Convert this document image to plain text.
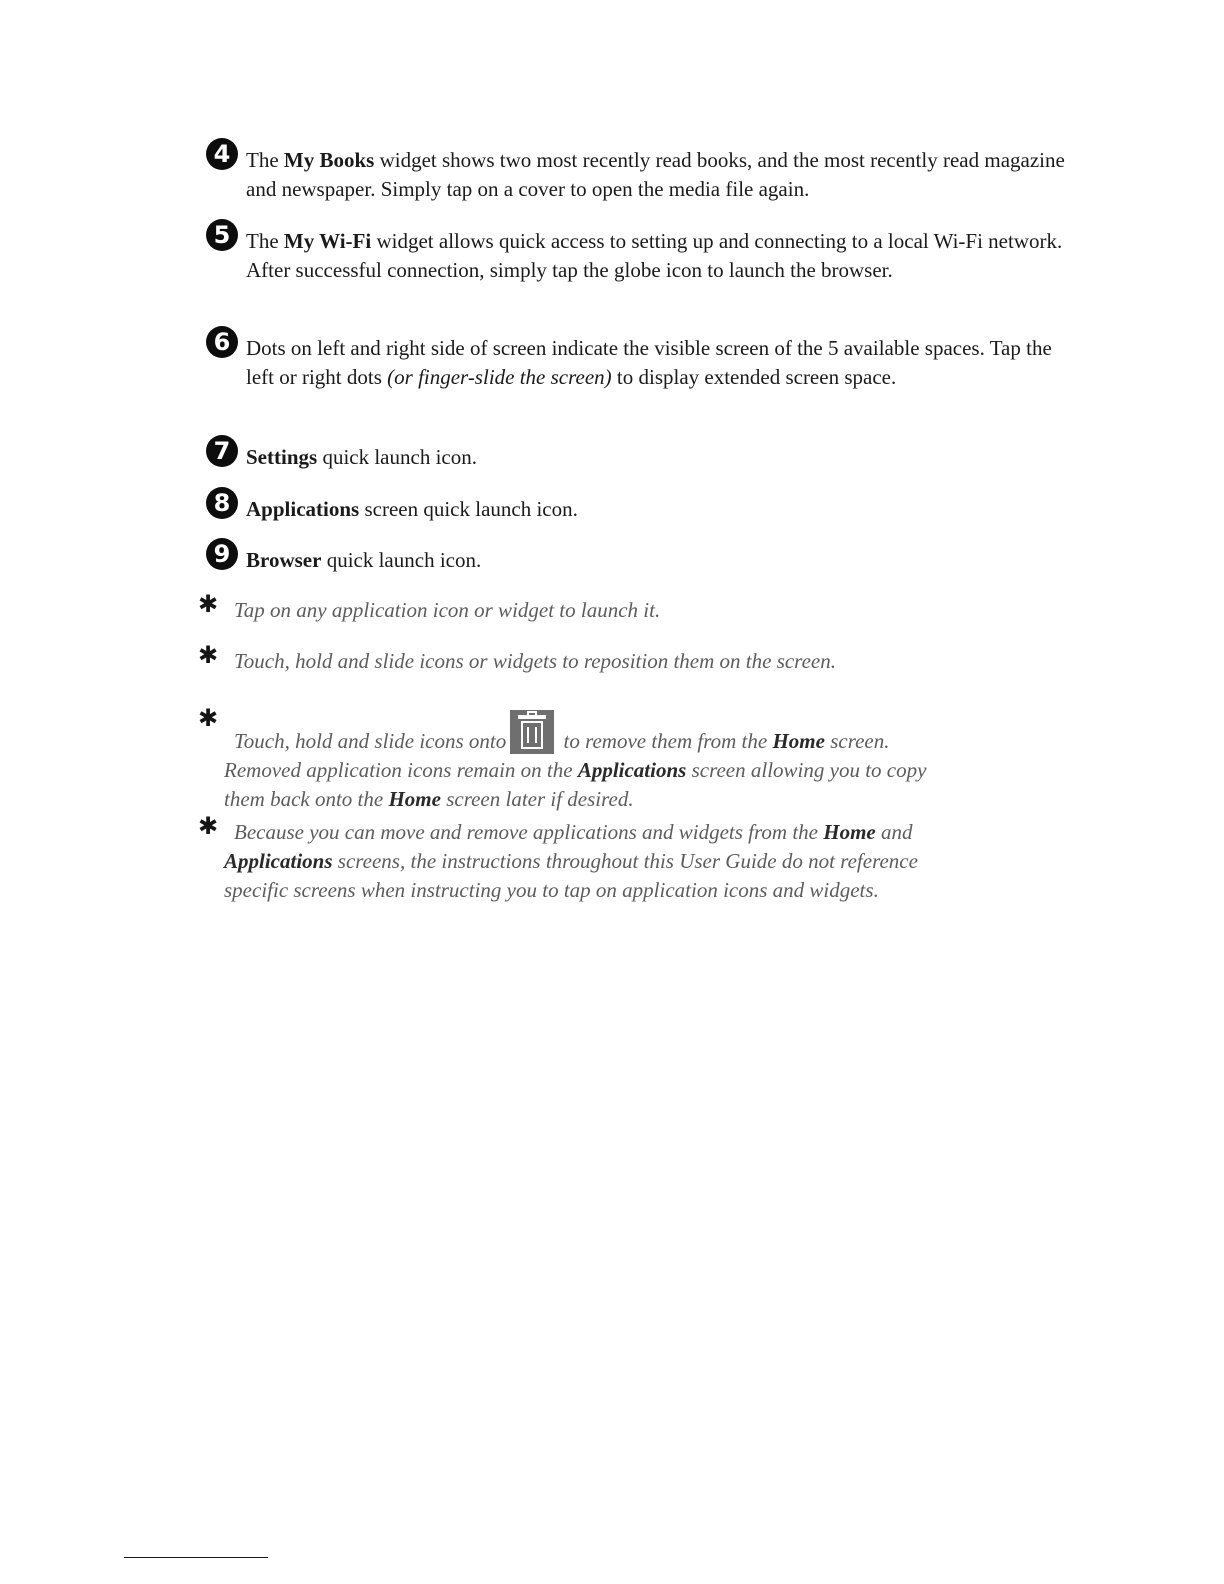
4 The My Books widget shows two most recently read books, and the most recently read magazine and newspaper. Simply tap on a cover to open the media file again.
5 The My Wi-Fi widget allows quick access to setting up and connecting to a local Wi-Fi network. After successful connection, simply tap the globe icon to launch the browser.
6 Dots on left and right side of screen indicate the visible screen of the 5 available spaces. Tap the left or right dots (or finger-slide the screen) to display extended screen space.
7 Settings quick launch icon.
8 Applications screen quick launch icon.
9 Browser quick launch icon.
✱ Tap on any application icon or widget to launch it.
✱ Touch, hold and slide icons or widgets to reposition them on the screen.
✱
Touch, hold and slide icons onto
to remove them from the Home screen.
Removed application icons remain on the Applications screen allowing you to copy
them back onto the Home screen later if desired.
✱ Because you can move and remove applications and widgets from the Home and
Applications screens, the instructions throughout this User Guide do not reference
specific screens when instructing you to tap on application icons and widgets.
